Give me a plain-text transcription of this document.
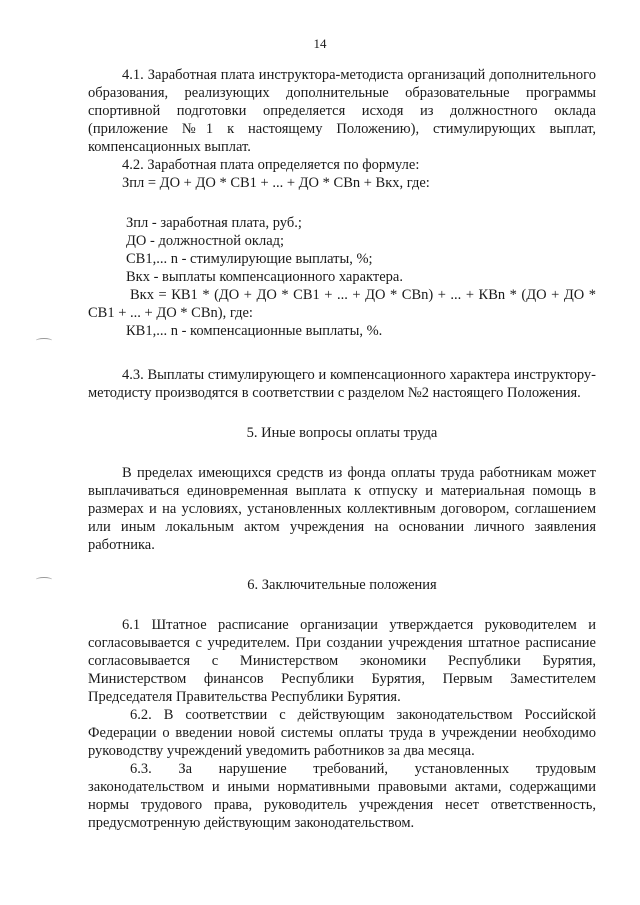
14

4.1. Заработная плата инструктора-методиста организаций дополнительного образования, реализующих дополнительные образовательные программы спортивной подготовки определяется исходя из должностного оклада (приложение №1 к настоящему Положению), стимулирующих выплат, компенсационных выплат.

4.2. Заработная плата определяется по формуле:

Зпл = ДО + ДО * СВ1 + ... + ДО * СВn + Вкх, где:

Зпл - заработная плата, руб.;

ДО - должностной оклад;

СВ1,... n - стимулирующие выплаты, %;

Вкх - выплаты компенсационного характера.

Вкх = КВ1 * (ДО + ДО * СВ1 + ... + ДО * СВn) + ... + КВn * (ДО + ДО * СВ1 + ... + ДО * СВn), где:

КВ1,... n - компенсационные выплаты, %.

4.3. Выплаты стимулирующего и компенсационного характера инструктору-методисту производятся в соответствии с разделом №2 настоящего Положения.

5. Иные вопросы оплаты труда

В пределах имеющихся средств из фонда оплаты труда работникам может выплачиваться единовременная выплата к отпуску и материальная помощь в размерах и на условиях, установленных коллективным договором, соглашением или иным локальным актом учреждения на основании личного заявления работника.

6. Заключительные положения

6.1 Штатное расписание организации утверждается руководителем и согласовывается с учредителем. При создании учреждения штатное расписание согласовывается с Министерством экономики Республики Бурятия, Министерством финансов Республики Бурятия, Первым Заместителем Председателя Правительства Республики Бурятия.

6.2. В соответствии с действующим законодательством Российской Федерации о введении новой системы оплаты труда в учреждении необходимо руководству учреждений уведомить работников за два месяца.

6.3. За нарушение требований, установленных трудовым законодательством и иными нормативными правовыми актами, содержащими нормы трудового права, руководитель учреждения несет ответственность, предусмотренную действующим законодательством.
